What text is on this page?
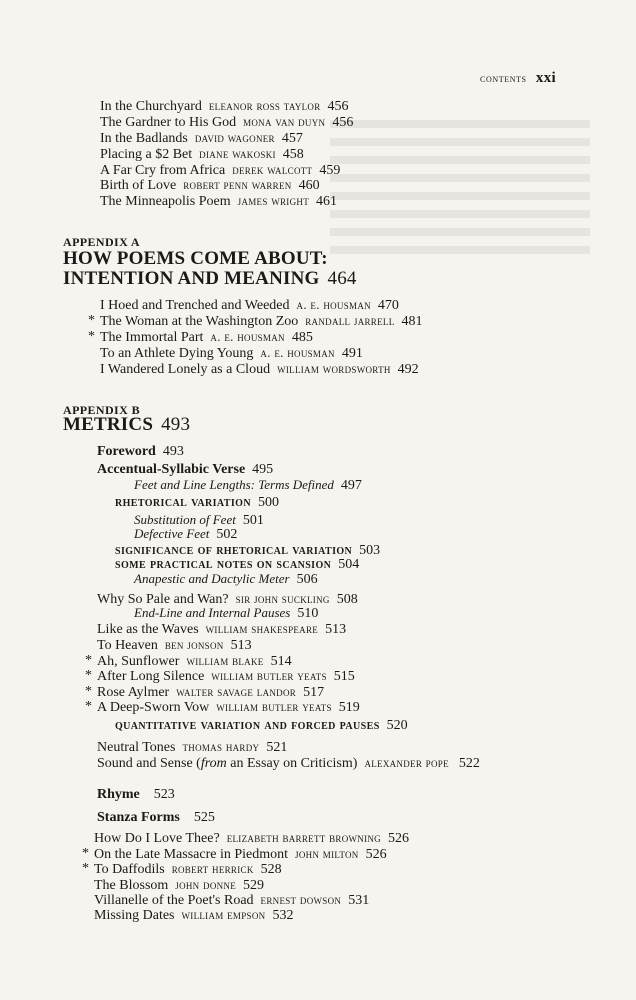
contents xxi
In the Churchyard eleanor ross taylor 456
The Gardner to His God mona van duyn 456
In the Badlands david wagoner 457
Placing a $2 Bet diane wakoski 458
A Far Cry from Africa derek walcott 459
Birth of Love robert penn warren 460
The Minneapolis Poem james wright 461
APPENDIX A
HOW POEMS COME ABOUT:
INTENTION AND MEANING 464
I Hoed and Trenched and Weeded a. e. housman 470
* The Woman at the Washington Zoo randall jarrell 481
* The Immortal Part a. e. housman 485
To an Athlete Dying Young a. e. housman 491
I Wandered Lonely as a Cloud william wordsworth 492
APPENDIX B
METRICS 493
Foreword 493
Accentual-Syllabic Verse 495
Feet and Line Lengths: Terms Defined 497
rhetorical variation 500
Substitution of Feet 501
Defective Feet 502
significance of rhetorical variation 503
some practical notes on scansion 504
Anapestic and Dactylic Meter 506
Why So Pale and Wan? sir john suckling 508
End-Line and Internal Pauses 510
Like as the Waves william shakespeare 513
To Heaven ben jonson 513
* Ah, Sunflower william blake 514
* After Long Silence william butler yeats 515
* Rose Aylmer walter savage landor 517
* A Deep-Sworn Vow william butler yeats 519
quantitative variation and forced pauses 520
Neutral Tones thomas hardy 521
Sound and Sense (from an Essay on Criticism) alexander pope 522
Rhyme 523
Stanza Forms 525
How Do I Love Thee? elizabeth barrett browning 526
* On the Late Massacre in Piedmont john milton 526
* To Daffodils robert herrick 528
The Blossom john donne 529
Villanelle of the Poet's Road ernest dowson 531
Missing Dates william empson 532
